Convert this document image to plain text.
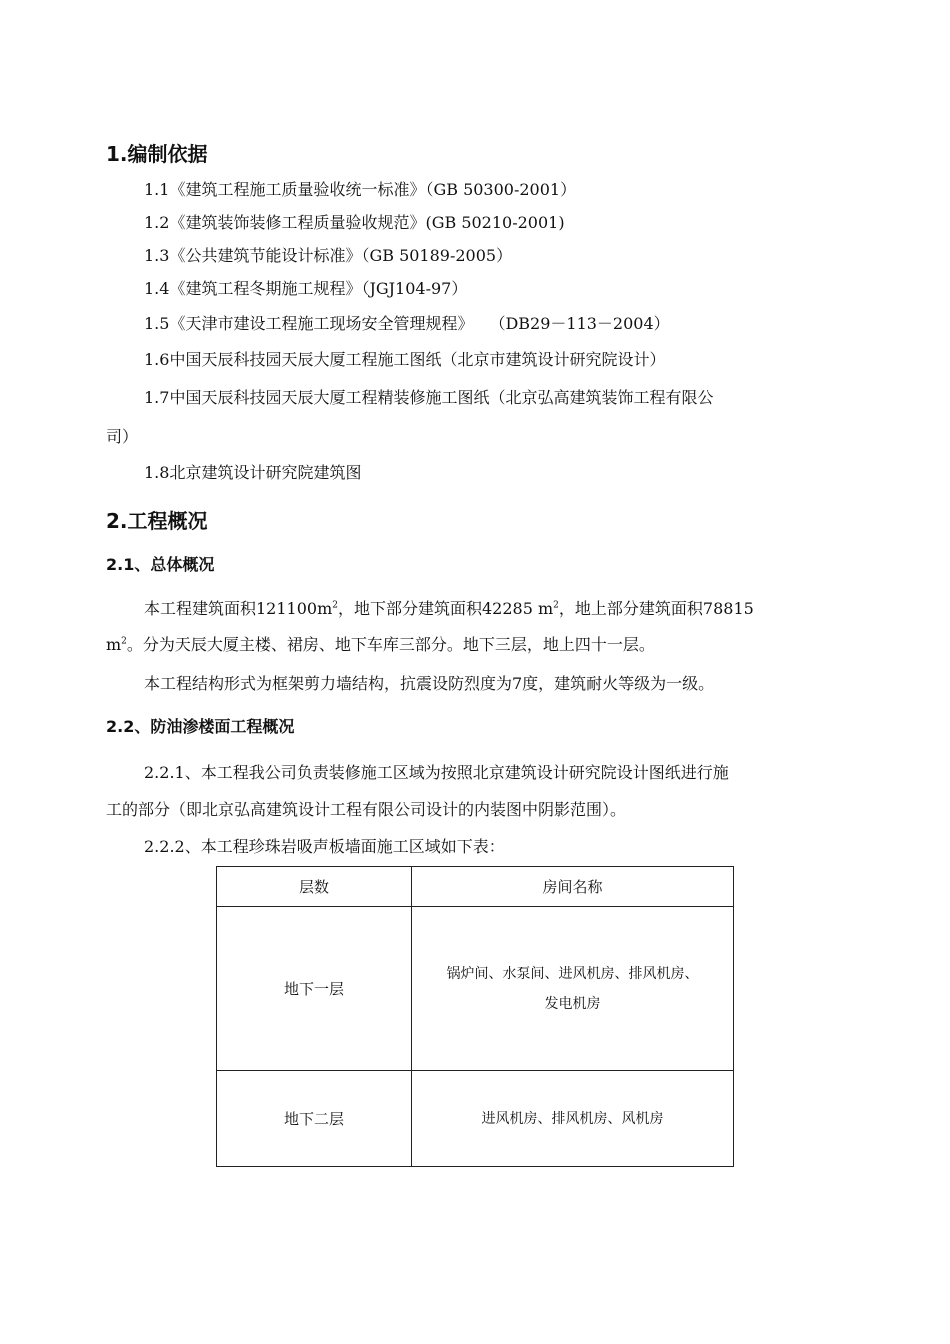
1.编制依据
1.1《建筑工程施工质量验收统一标准》（GB 50300-2001）
1.2《建筑装饰装修工程质量验收规范》(GB 50210-2001)
1.3《公共建筑节能设计标准》（GB 50189-2005）
1.4《建筑工程冬期施工规程》（JGJ104-97）
1.5《天津市建设工程施工现场安全管理规程》　　（DB29－113－2004）
1.6中国天辰科技园天辰大厦工程施工图纸（北京市建筑设计研究院设计）
1.7中国天辰科技园天辰大厦工程精装修施工图纸（北京弘高建筑装饰工程有限公
司）
1.8北京建筑设计研究院建筑图
2.工程概况
2.1、总体概况
本工程建筑面积$121100m^2$，地下部分建筑面积42285 $m^2$，地上部分建筑面积78815
$m^2$。分为天辰大厦主楼、裙房、地下车库三部分。地下三层，地上四十一层。
本工程结构形式为框架剪力墙结构，抗震设防烈度为7度，建筑耐火等级为一级。
2.2、防油渗楼面工程概况
2.2.1、本工程我公司负责装修施工区域为按照北京建筑设计研究院设计图纸进行施
工的部分（即北京弘高建筑设计工程有限公司设计的内装图中阴影范围）。
2.2.2、本工程珍珠岩吸声板墙面施工区域如下表：
层数	房间名称
地下一层	锅炉间、水泵间、进风机房、排风机房、
发电机房

地下二层	进风机房、排风机房、风机房
